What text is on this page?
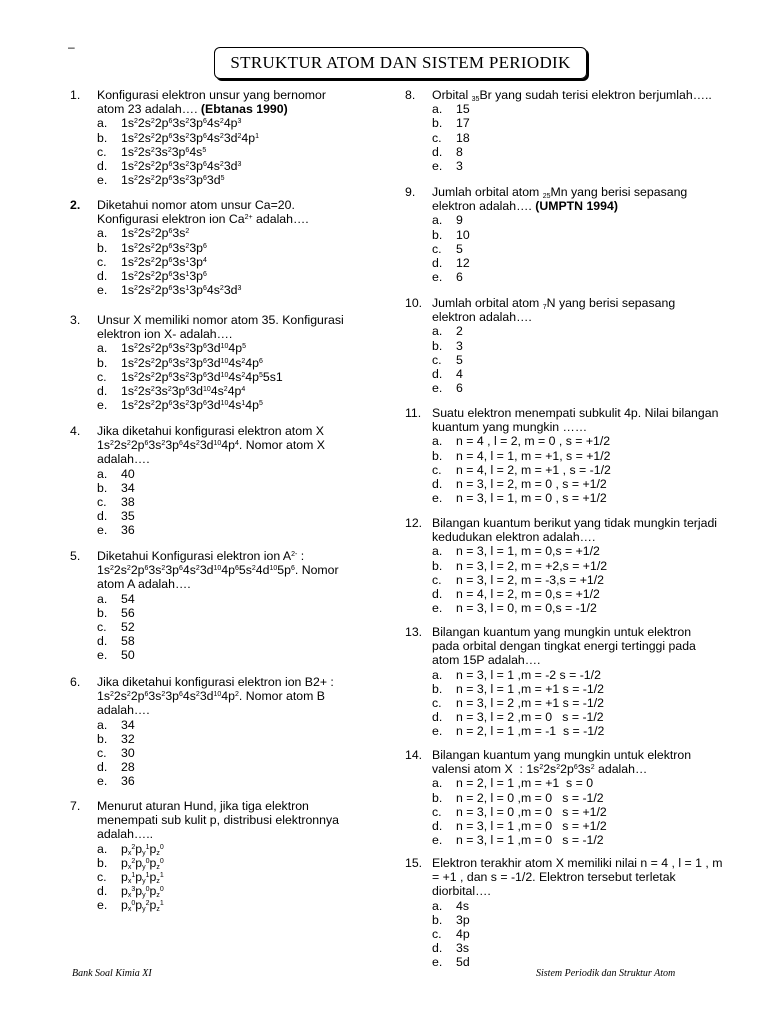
–
STRUKTUR ATOM DAN SISTEM PERIODIK
1.	Konfigurasi elektron unsur yang bernomor
atom 23 adalah…. (Ebtanas 1990)
a.	$1s^22s^22p^63s^23p^64s^24p^3$
b.	$1s^22s^22p^63s^23p^64s^23d^24p^1$
c.	$1s^22s^23s^23p^64s^5$
d.	$1s^22s^22p^63s^23p^64s^23d^3$
e.	$1s^22s^22p^63s^23p^63d^5$
2.	Diketahui nomor atom unsur Ca=20.
Konfigurasi elektron ion $Ca^{2+}$ adalah….
a.	$1s^22s^22p^63s^2$
b.	$1s^22s^22p^63s^23p^6$
c.	$1s^22s^22p^63s^13p^4$
d.	$1s^22s^22p^63s^13p^6$
e.	$1s^22s^22p^63s^13p^64s^23d^3$
3.	Unsur X memiliki nomor atom 35. Konfigurasi
elektron ion X- adalah….
a.	$1s^22s^22p^63s^23p^63d^{10}4p^5$
b.	$1s^22s^22p^63s^23p^63d^{10}4s^24p^6$
c.	$1s^22s^22p^63s^23p^63d^{10}4s^24p^55s1$
d.	$1s^22s^23s^23p^63d^{10}4s^24p^4$
e.	$1s^22s^22p^63s^23p^63d^{10}4s^14p^5$
4.	Jika diketahui konfigurasi elektron atom X
$1s^22s^22p^63s^23p^64s^23d^{10}4p^4$. Nomor atom X
adalah….
a.	40
b.	34
c.	38
d.	35
e.	36
5.	Diketahui Konfigurasi elektron ion $A^{2-}$ :
$1s^22s^22p^63s^23p^64s^23d^{10}4p^65s^24d^{10}5p^6$. Nomor
atom A adalah….
a.	54
b.	56
c.	52
d.	58
e.	50
6.	Jika diketahui konfigurasi elektron ion B2+ :
$1s^22s^22p^63s^23p^64s^23d^{10}4p^2$. Nomor atom B
adalah….
a.	34
b.	32
c.	30
d.	28
e.	36
7.	Menurut aturan Hund, jika tiga elektron
menempati sub kulit p, distribusi elektronnya
adalah…..
a.	$p_x^2p_y^1p_z^0$
b.	$p_x^2p_y^0p_z^0$
c.	$p_x^1p_y^1p_z^1$
d.	$p_x^3p_y^0p_z^0$
e.	$p_x^0p_y^2p_z^1$
8.	Orbital $_{35}$Br yang sudah terisi elektron berjumlah…..
a.	15
b.	17
c.	18
d.	8
e.	3
9.	Jumlah orbital atom $_{25}$Mn yang berisi sepasang
elektron adalah…. (UMPTN 1994)
a.	9
b.	10
c.	5
d.	12
e.	6
10. Jumlah orbital atom $_7$N yang berisi sepasang
elektron adalah….
a.	2
b.	3
c.	5
d.	4
e.	6
11. Suatu elektron menempati subkulit 4p. Nilai bilangan
kuantum yang mungkin ……
a.	n = 4 , l = 2, m = 0 , s = +1/2
b.	n = 4, l = 1, m = +1, s = +1/2
c.	n = 4, l = 2, m = +1 , s = -1/2
d.	n = 3, l = 2, m = 0 , s = +1/2
e.	n = 3, l = 1, m = 0 , s = +1/2
12. Bilangan kuantum berikut yang tidak mungkin terjadi
kedudukan elektron adalah….
a.	n = 3, l = 1, m = 0,s = +1/2
b.	n = 3, l = 2, m = +2,s = +1/2
c.	n = 3, l = 2, m = -3,s = +1/2
d.	n = 4, l = 2, m = 0,s = +1/2
e.	n = 3, l = 0, m = 0,s = -1/2
13. Bilangan kuantum yang mungkin untuk elektron
pada orbital dengan tingkat energi tertinggi pada
atom 15P adalah….
a.	n = 3, l = 1 ,m = -2 s = -1/2
b.	n = 3, l = 1 ,m = +1 s = -1/2
c.	n = 3, l = 2 ,m = +1 s = -1/2
d.	n = 3, l = 2 ,m = 0   s = -1/2
e.	n = 2, l = 1 ,m = -1  s = -1/2
14. Bilangan kuantum yang mungkin untuk elektron
valensi atom X  : $1s^22s^22p^63s^2$ adalah…
a.	n = 2, l = 1 ,m = +1  s = 0
b.	n = 2, l = 0 ,m = 0   s = -1/2
c.	n = 3, l = 0 ,m = 0   s = +1/2
d.	n = 3, l = 1 ,m = 0   s = +1/2
e.	n = 3, l = 1 ,m = 0   s = -1/2
15. Elektron terakhir atom X memiliki nilai n = 4 , l = 1 , m
= +1 , dan s = -1/2. Elektron tersebut terletak
diorbital….
a.	4s
b.	3p
c.	4p
d.	3s
e.	5d
Bank Soal Kimia XI	Sistem Periodik dan Struktur Atom
